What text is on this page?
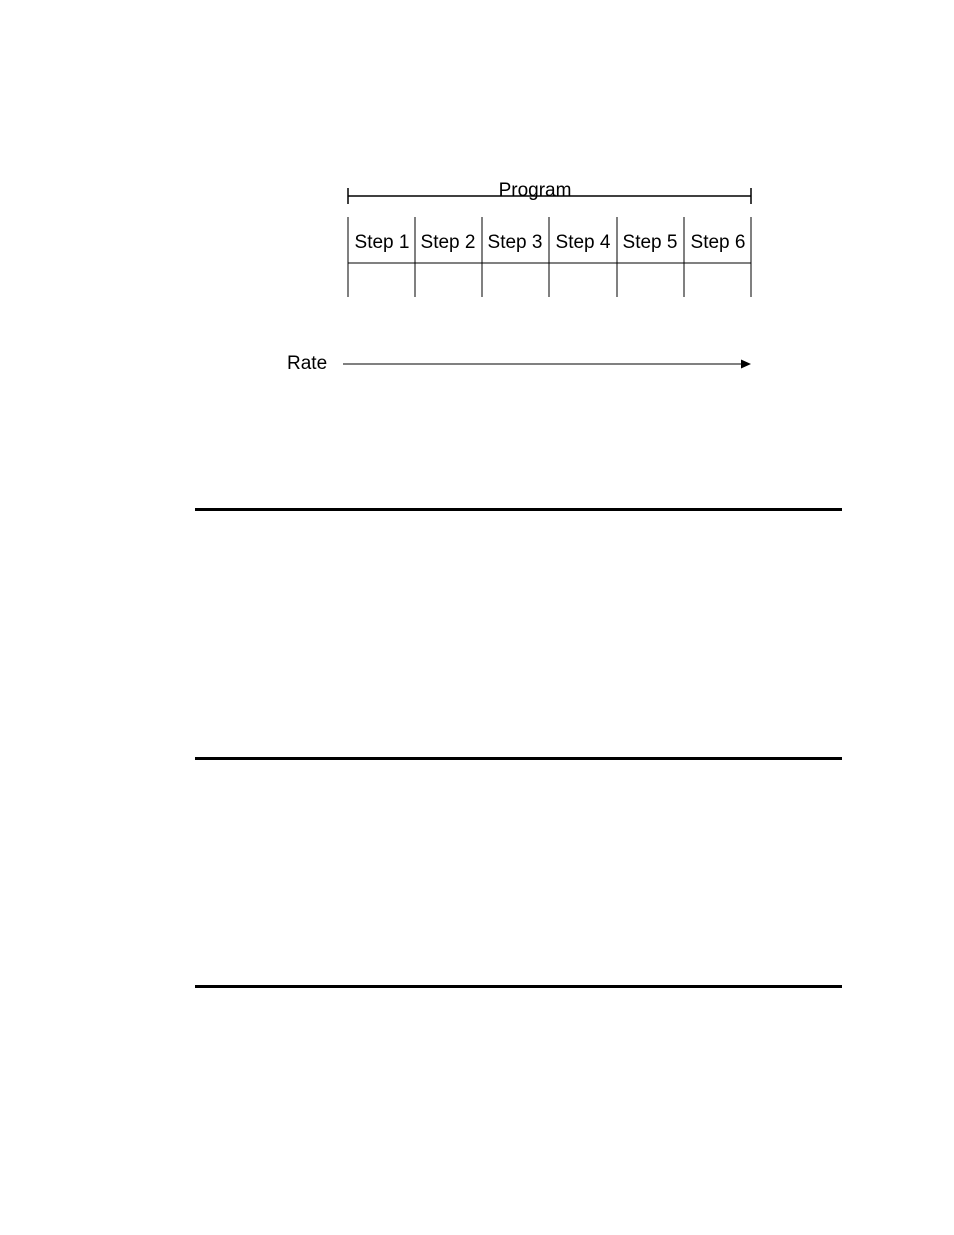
Program
Step 1 Step 2 Step 3 Step 4 Step 5 Step 6
Rate
